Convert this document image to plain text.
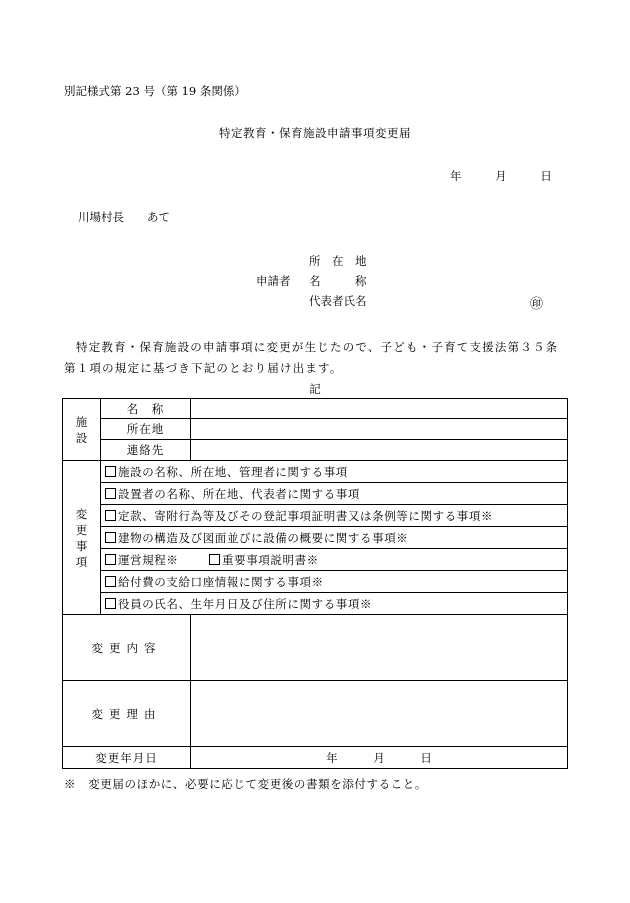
別記様式第 23 号（第 19 条関係）
特定教育・保育施設申請事項変更届
年	月	日
川場村長　　あて
所　在　地
申請者 名　　　称
代表者氏名	㊞
特定教育・保育施設の申請事項に変更が生じたので、子ども・子育て支援法第３５条第１項の規定に基づき下記のとおり届け出ます。
記
施
設	名　称	
	所在地	
	連絡先	

変
更
事
項	施設の名称、所在地、管理者に関する事項	
	設置者の名称、所在地、代表者に関する事項	
	定款、寄附行為等及びその登記事項証明書又は条例等に関する事項※	
	建物の構造及び図面並びに設備の概要に関する事項※	
	運営規程※ 重要事項説明書※	
	給付費の支給口座情報に関する事項※	
	役員の氏名、生年月日及び住所に関する事項※	
変更内容		
変更理由		
変更年月日		年 月 日
※　変更届のほかに、必要に応じて変更後の書類を添付すること。
